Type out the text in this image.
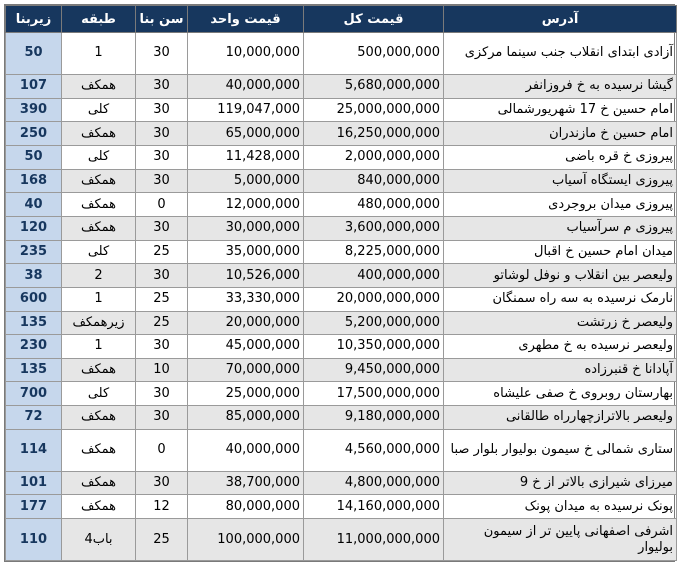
زیربنا	طبقه	سن بنا	قیمت واحد	قیمت کل	آدرس
50	1	30	10,000,000	500,000,000	آزادی ابتدای انقلاب جنب سینما مرکزی
107	همکف	30	40,000,000	5,680,000,000	گیشا نرسیده به خ فروزانفر
390	کلی	30	119,047,000	25,000,000,000	امام حسین خ 17 شهریورشمالی
250	همکف	30	65,000,000	16,250,000,000	امام حسین خ مازندران
50	کلی	30	11,428,000	2,000,000,000	پیروزی خ قره باضی
168	همکف	30	5,000,000	840,000,000	پیروزی ایستگاه آسیاب
40	همکف	0	12,000,000	480,000,000	پیروزی میدان بروجردی
120	همکف	30	30,000,000	3,600,000,000	پیروزی م سرآسیاب
235	کلی	25	35,000,000	8,225,000,000	میدان امام حسین خ اقبال
38	2	30	10,526,000	400,000,000	ولیعصر بین انقلاب و نوفل لوشاتو
600	1	25	33,330,000	20,000,000,000	نارمک نرسیده به سه راه سمنگان
135	زیرهمکف	25	20,000,000	5,200,000,000	ولیعصر خ زرتشت
230	1	30	45,000,000	10,350,000,000	ولیعصر نرسیده به خ مطهری
135	همکف	10	70,000,000	9,450,000,000	آپادانا خ قنبرزاده
700	کلی	30	25,000,000	17,500,000,000	بهارستان روبروی خ صفی علیشاه
72	همکف	30	85,000,000	9,180,000,000	ولیعصر بالاترازچهارراه طالقانی
114	همکف	0	40,000,000	4,560,000,000	ستاری شمالی خ سیمون بولیوار بلوار صبا
101	همکف	30	38,700,000	4,800,000,000	میرزای شیرازی بالاتر از خ 9
177	همکف	12	80,000,000	14,160,000,000	پونک نرسیده به میدان پونک
110	4باب	25	100,000,000	11,000,000,000	اشرفی اصفهانی پایین تر از سیمون بولیوار
